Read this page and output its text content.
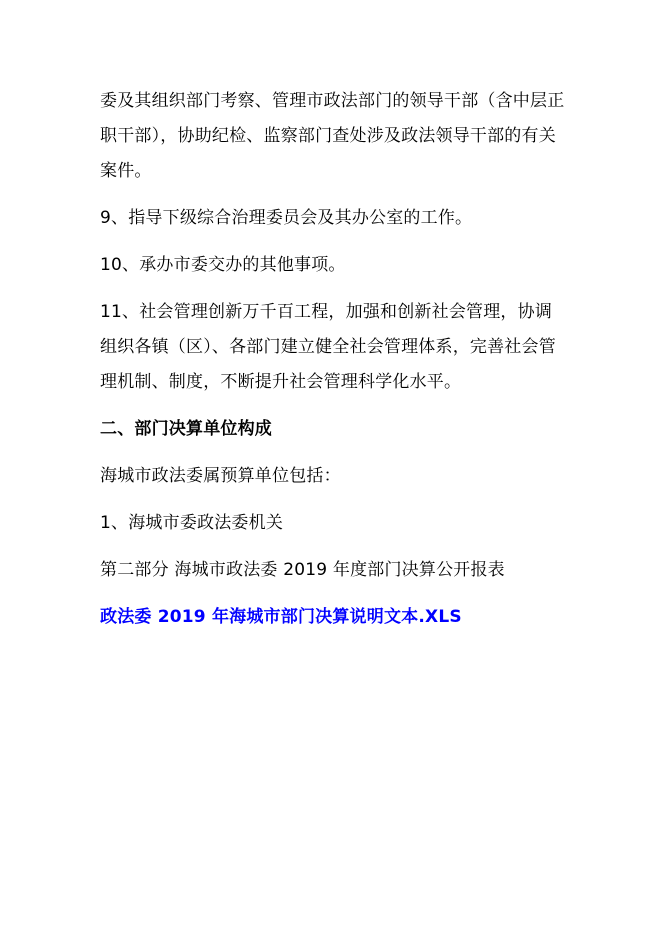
委及其组织部门考察、管理市政法部门的领导干部（含中层正职干部），协助纪检、监察部门查处涉及政法领导干部的有关案件。

9、指导下级综合治理委员会及其办公室的工作。

10、承办市委交办的其他事项。

11、社会管理创新万千百工程，加强和创新社会管理，协调组织各镇（区）、各部门建立健全社会管理体系，完善社会管理机制、制度，不断提升社会管理科学化水平。

二、部门决算单位构成

海城市政法委属预算单位包括：

1、海城市委政法委机关

第二部分 海城市政法委 2019 年度部门决算公开报表

政法委 2019 年海城市部门决算说明文本.XLS
